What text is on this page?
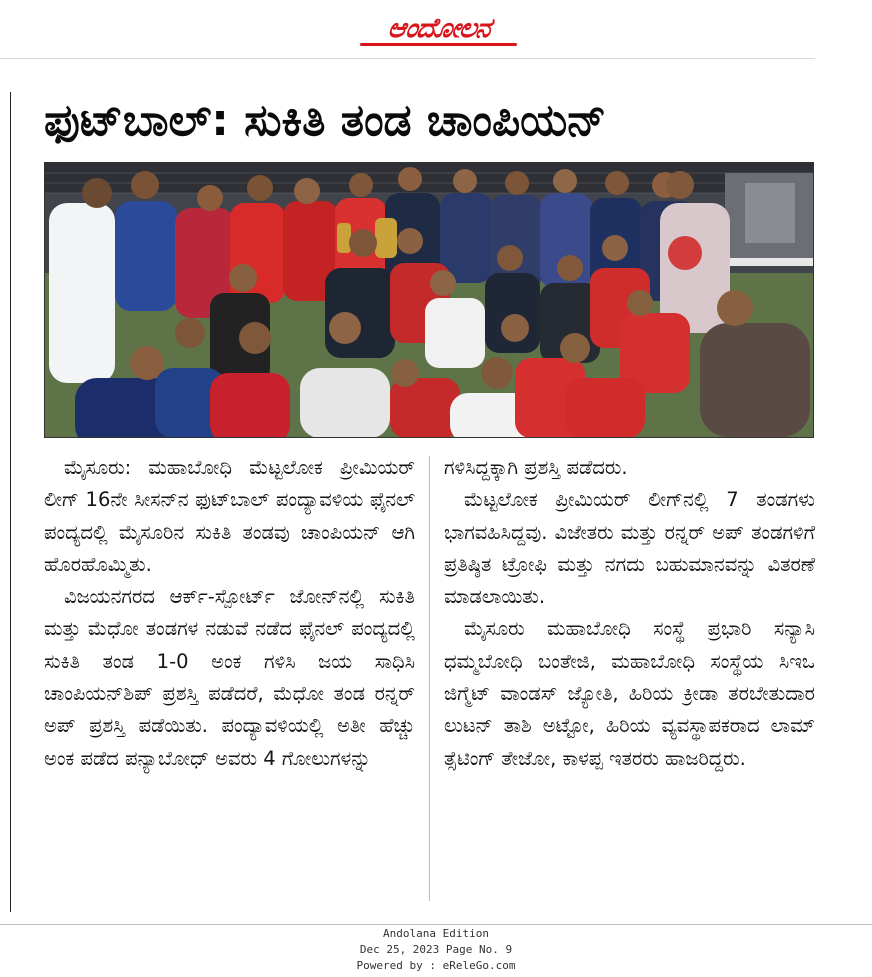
ಆಂದೋಲನ
ಫುಟ್‌ಬಾಲ್: ಸುಕಿತಿ ತಂಡ ಚಾಂಪಿಯನ್

ಮೈಸೂರು: ಮಹಾಬೋಧಿ ಮೆಟ್ಟಲೋಕ ಪ್ರೀಮಿಯರ್ ಲೀಗ್ 16ನೇ ಸೀಸನ್‌ನ ಫುಟ್‌ಬಾಲ್ ಪಂದ್ಯಾವಳಿಯ ಫೈನಲ್ ಪಂದ್ಯದಲ್ಲಿ ಮೈಸೂರಿನ ಸುಕಿತಿ ತಂಡವು ಚಾಂಪಿಯನ್ ಆಗಿ ಹೊರಹೊಮ್ಮಿತು.

ವಿಜಯನಗರದ ಆರ್ಕ್-ಸ್ಪೋರ್ಟ್ ಜೋನ್‌ನಲ್ಲಿ ಸುಕಿತಿ ಮತ್ತು ಮೆಧೋ ತಂಡಗಳ ನಡುವೆ ನಡೆದ ಫೈನಲ್ ಪಂದ್ಯದಲ್ಲಿ ಸುಕಿತಿ ತಂಡ 1-0 ಅಂಕ ಗಳಿಸಿ ಜಯ ಸಾಧಿಸಿ ಚಾಂಪಿಯನ್‌ಶಿಪ್ ಪ್ರಶಸ್ತಿ ಪಡೆದರೆ, ಮೆಧೋ ತಂಡ ರನ್ನರ್ ಅಪ್ ಪ್ರಶಸ್ತಿ ಪಡೆಯಿತು. ಪಂದ್ಯಾವಳಿಯಲ್ಲಿ ಅತೀ ಹೆಚ್ಚು ಅಂಕ ಪಡೆದ ಪನ್ಯಾಬೋಧ್ ಅವರು 4 ಗೋಲುಗಳನ್ನು

ಗಳಿಸಿದ್ದಕ್ಕಾಗಿ ಪ್ರಶಸ್ತಿ ಪಡೆದರು.

ಮೆಟ್ಟಲೋಕ ಪ್ರೀಮಿಯರ್ ಲೀಗ್‌ನಲ್ಲಿ 7 ತಂಡಗಳು ಭಾಗವಹಿಸಿದ್ದವು. ವಿಜೇತರು ಮತ್ತು ರನ್ನರ್ ಅಪ್ ತಂಡಗಳಿಗೆ ಪ್ರತಿಷ್ಠಿತ ಟ್ರೋಫಿ ಮತ್ತು ನಗದು ಬಹುಮಾನವನ್ನು ವಿತರಣೆ ಮಾಡಲಾಯಿತು.

ಮೈಸೂರು ಮಹಾಬೋಧಿ ಸಂಸ್ಥೆ ಪ್ರಭಾರಿ ಸನ್ಯಾಸಿ ಧಮ್ಮಬೋಧಿ ಬಂತೇಜಿ, ಮಹಾಬೋಧಿ ಸಂಸ್ಥೆಯ ಸಿಇಒ ಜಿಗ್ಮೆಟ್ ವಾಂಡಸ್ ಜ್ಯೋತಿ, ಹಿರಿಯ ಕ್ರೀಡಾ ತರಬೇತುದಾರ ಲುಟನ್ ತಾಶಿ ಅಟ್ಟೋ, ಹಿರಿಯ ವ್ಯವಸ್ಥಾಪಕರಾದ ಲಾಮ್ ತ್ಸೆಟಿಂಗ್ ತೇಜೋ, ಕಾಳಪ್ಪ ಇತರರು ಹಾಜರಿದ್ದರು.

Andolana Edition
Dec 25, 2023 Page No. 9
Powered by : eReleGo.com
